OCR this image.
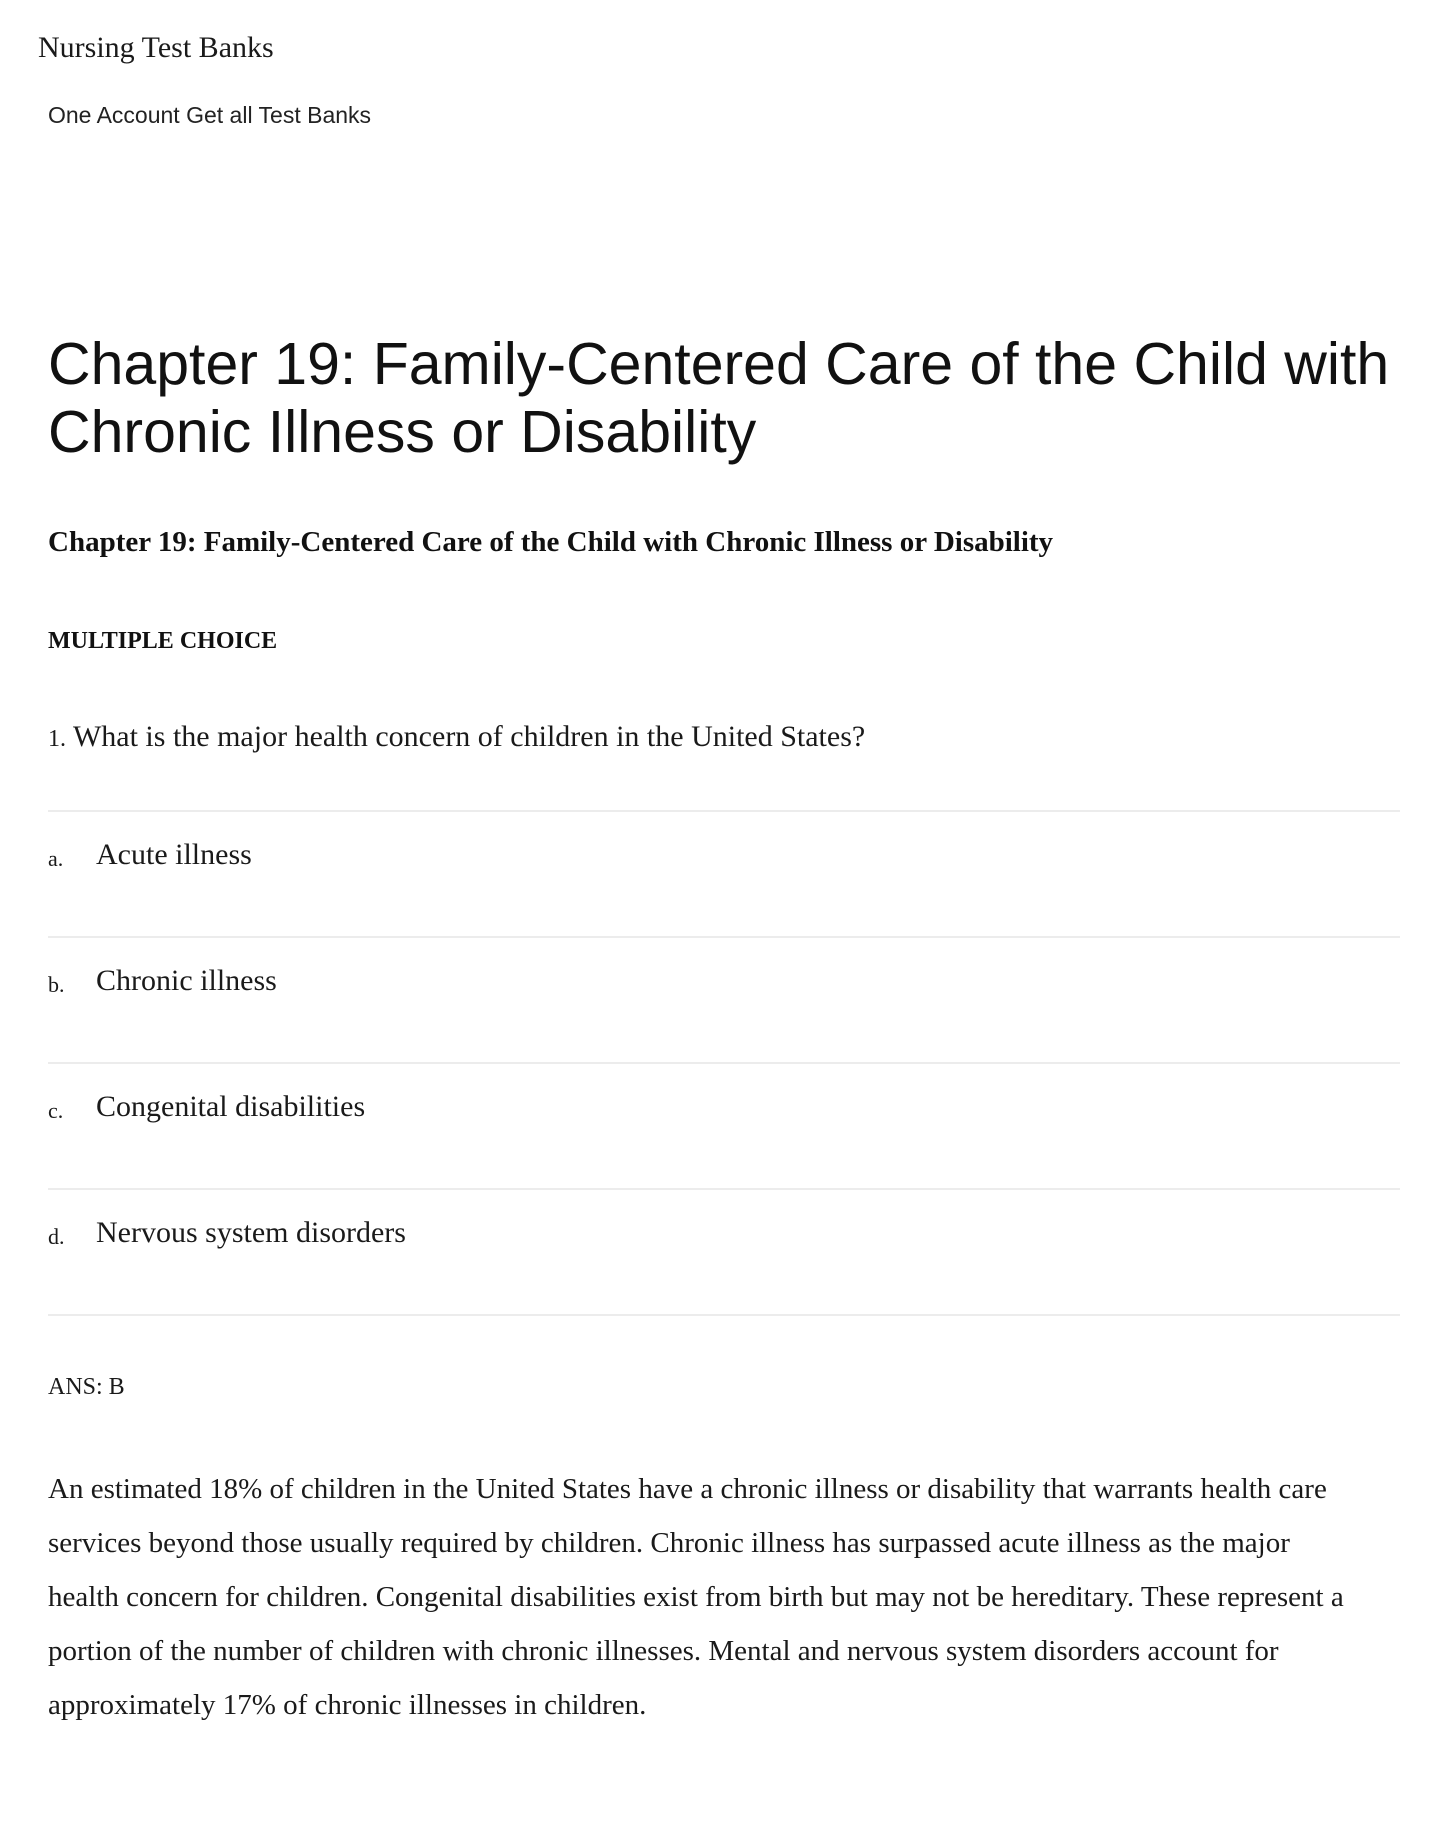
Nursing Test Banks
One Account Get all Test Banks
Chapter 19: Family-Centered Care of the Child with Chronic Illness or Disability
Chapter 19: Family-Centered Care of the Child with Chronic Illness or Disability
MULTIPLE CHOICE

1. What is the major health concern of children in the United States?

a. Acute illness
b. Chronic illness
c. Congenital disabilities
d. Nervous system disorders
ANS: B

An estimated 18% of children in the United States have a chronic illness or disability that warrants health care services beyond those usually required by children. Chronic illness has surpassed acute illness as the major health concern for children. Congenital disabilities exist from birth but may not be hereditary. These represent a portion of the number of children with chronic illnesses. Mental and nervous system disorders account for approximately 17% of chronic illnesses in children.
